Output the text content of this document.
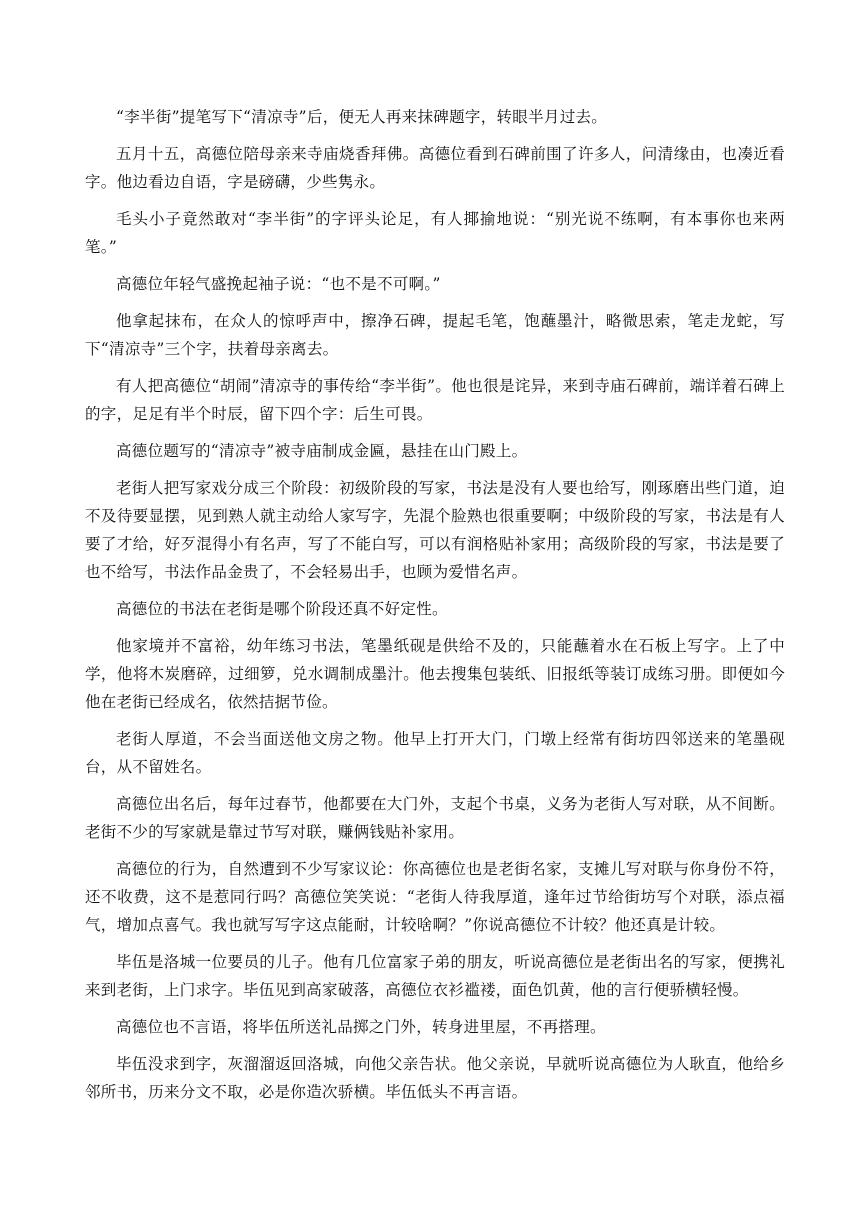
“李半街”提笔写下“清凉寺”后，便无人再来抹碑题字，转眼半月过去。

五月十五，高德位陪母亲来寺庙烧香拜佛。高德位看到石碑前围了许多人，问清缘由，也凑近看字。他边看边自语，字是磅礴，少些隽永。

毛头小子竟然敢对“李半街”的字评头论足，有人揶揄地说：“别光说不练啊，有本事你也来两笔。”

高德位年轻气盛挽起袖子说：“也不是不可啊。”

他拿起抹布，在众人的惊呼声中，擦净石碑，提起毛笔，饱蘸墨汁，略微思索，笔走龙蛇，写下“清凉寺”三个字，扶着母亲离去。

有人把高德位“胡闹”清凉寺的事传给“李半街”。他也很是诧异，来到寺庙石碑前，端详着石碑上的字，足足有半个时辰，留下四个字：后生可畏。

高德位题写的“清凉寺”被寺庙制成金匾，悬挂在山门殿上。

老街人把写家戏分成三个阶段：初级阶段的写家，书法是没有人要也给写，刚琢磨出些门道，迫不及待要显摆，见到熟人就主动给人家写字，先混个脸熟也很重要啊；中级阶段的写家，书法是有人要了才给，好歹混得小有名声，写了不能白写，可以有润格贴补家用；高级阶段的写家，书法是要了也不给写，书法作品金贵了，不会轻易出手，也顾为爱惜名声。

高德位的书法在老街是哪个阶段还真不好定性。

他家境并不富裕，幼年练习书法，笔墨纸砚是供给不及的，只能蘸着水在石板上写字。上了中学，他将木炭磨碎，过细箩，兑水调制成墨汁。他去搜集包装纸、旧报纸等装订成练习册。即便如今他在老街已经成名，依然拮据节俭。

老街人厚道，不会当面送他文房之物。他早上打开大门，门墩上经常有街坊四邻送来的笔墨砚台，从不留姓名。

高德位出名后，每年过春节，他都要在大门外，支起个书桌，义务为老街人写对联，从不间断。老街不少的写家就是靠过节写对联，赚俩钱贴补家用。

高德位的行为，自然遭到不少写家议论：你高德位也是老街名家，支摊儿写对联与你身份不符，还不收费，这不是惹同行吗？高德位笑笑说：“老街人待我厚道，逢年过节给街坊写个对联，添点福气，增加点喜气。我也就写写字这点能耐，计较啥啊？”你说高德位不计较？他还真是计较。

毕伍是洛城一位要员的儿子。他有几位富家子弟的朋友，听说高德位是老街出名的写家，便携礼来到老街，上门求字。毕伍见到高家破落，高德位衣衫褴褛，面色饥黄，他的言行便骄横轻慢。

高德位也不言语，将毕伍所送礼品掷之门外，转身进里屋，不再搭理。

毕伍没求到字，灰溜溜返回洛城，向他父亲告状。他父亲说，早就听说高德位为人耿直，他给乡邻所书，历来分文不取，必是你造次骄横。毕伍低头不再言语。
